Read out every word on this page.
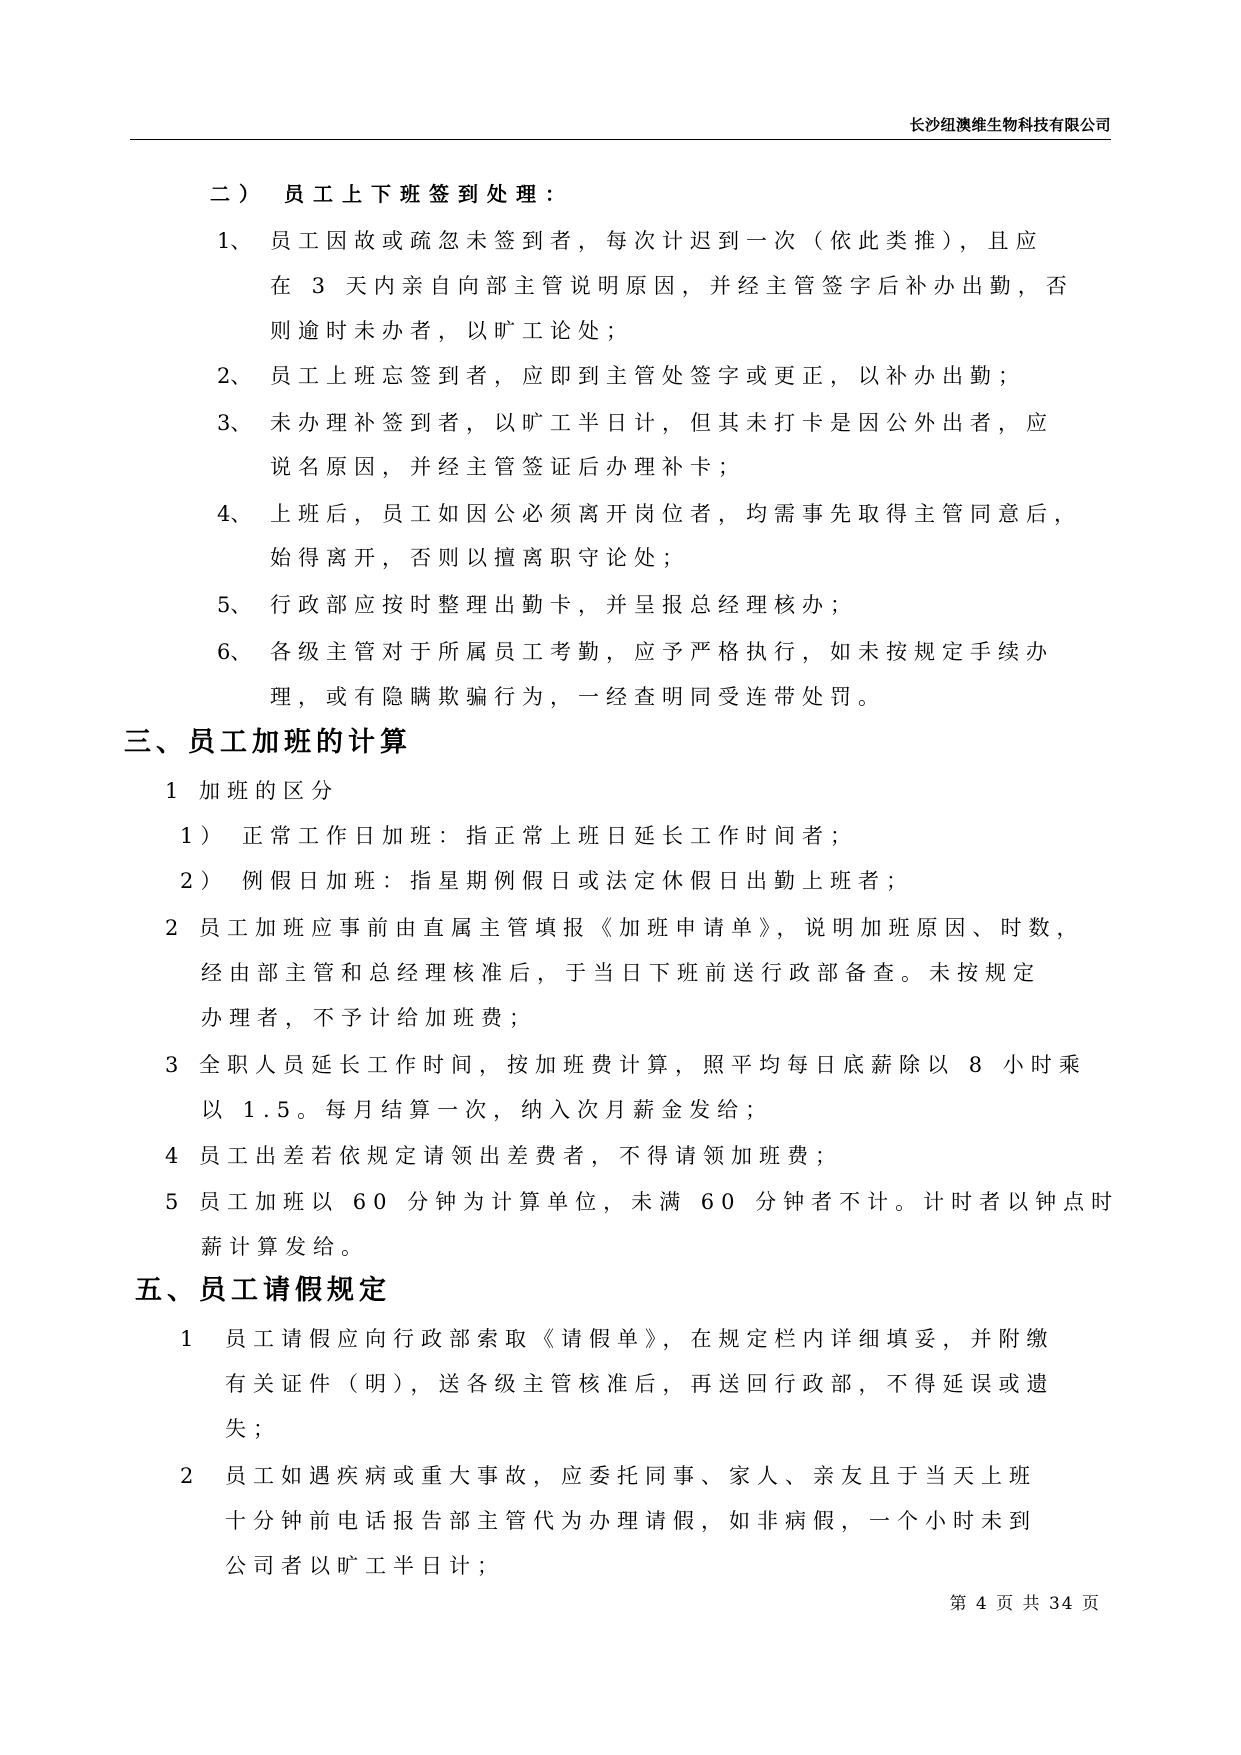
长沙纽澳维生物科技有限公司
二） 员工上下班签到处理：
1、 员工因故或疏忽未签到者，每次计迟到一次（依此类推），且应
在 3 天内亲自向部主管说明原因，并经主管签字后补办出勤，否
则逾时未办者，以旷工论处；
2、 员工上班忘签到者，应即到主管处签字或更正，以补办出勤；
3、 未办理补签到者，以旷工半日计，但其未打卡是因公外出者，应
说名原因，并经主管签证后办理补卡；
4、 上班后，员工如因公必须离开岗位者，均需事先取得主管同意后，
始得离开，否则以擅离职守论处；
5、 行政部应按时整理出勤卡，并呈报总经理核办；
6、 各级主管对于所属员工考勤，应予严格执行，如未按规定手续办
理，或有隐瞒欺骗行为，一经查明同受连带处罚。
三、员工加班的计算
1 加班的区分
1） 正常工作日加班：指正常上班日延长工作时间者；
2） 例假日加班：指星期例假日或法定休假日出勤上班者；
2 员工加班应事前由直属主管填报《加班申请单》，说明加班原因、时数，
经由部主管和总经理核准后，于当日下班前送行政部备查。未按规定
办理者，不予计给加班费；
3 全职人员延长工作时间，按加班费计算，照平均每日底薪除以 8 小时乘
以 1.5。每月结算一次，纳入次月薪金发给；
4 员工出差若依规定请领出差费者，不得请领加班费；
5 员工加班以 60 分钟为计算单位，未满 60 分钟者不计。计时者以钟点时
薪计算发给。
五、员工请假规定
1 员工请假应向行政部索取《请假单》，在规定栏内详细填妥，并附缴
有关证件（明），送各级主管核准后，再送回行政部，不得延误或遗
失；
2 员工如遇疾病或重大事故，应委托同事、家人、亲友且于当天上班
十分钟前电话报告部主管代为办理请假，如非病假，一个小时未到
公司者以旷工半日计；
第 4 页 共 34 页
